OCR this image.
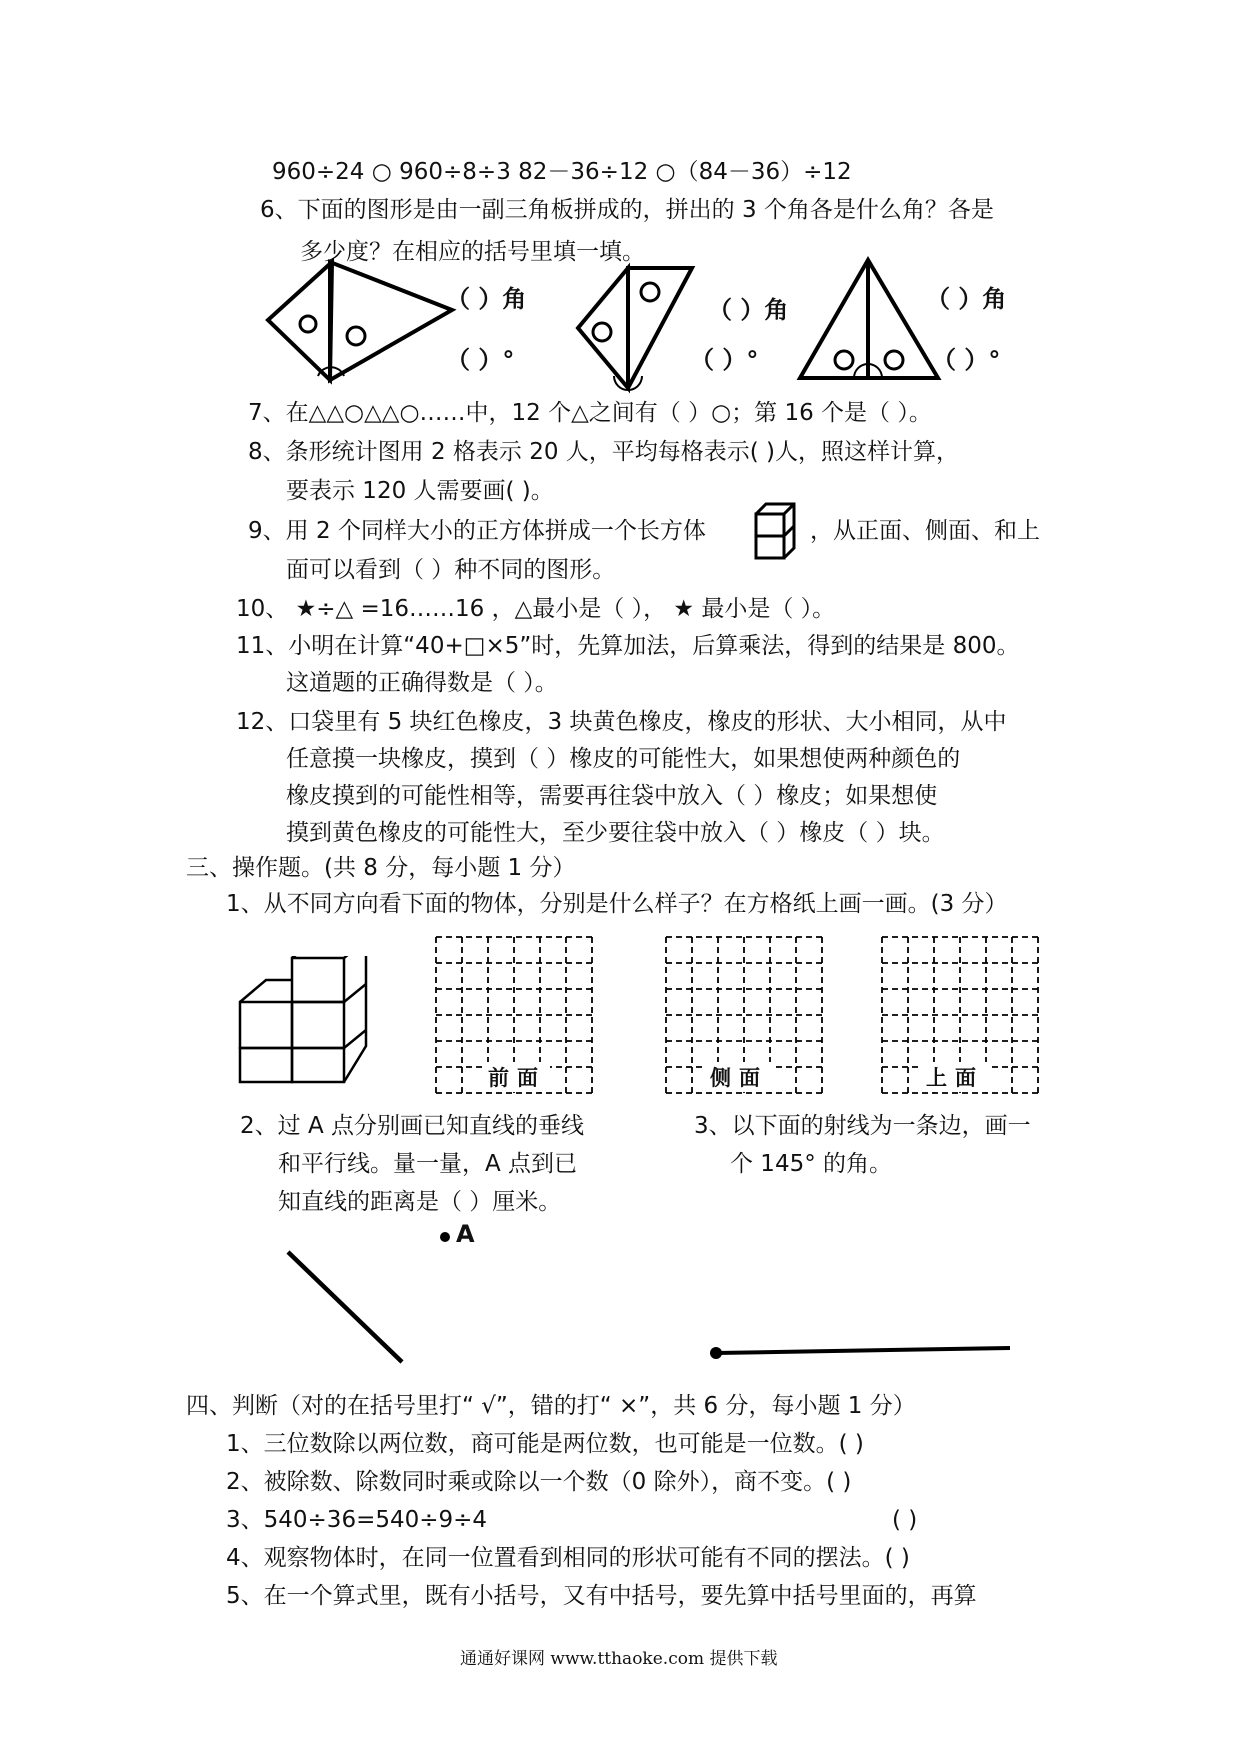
960÷24 ○ 960÷8÷3 82－36÷12 ○（84－36）÷12
6、下面的图形是由一副三角板拼成的，拼出的 3 个角各是什么角？各是
多少度？在相应的括号里填一填。
（ ）角
（ ）°
（ ）角
（ ）°
（ ）角
（ ）°
7、在△△○△△○……中，12 个△之间有（ ）○；第 16 个是（ ）。
8、条形统计图用 2 格表示 20 人，平均每格表示( )人，照这样计算，
要表示 120 人需要画( )。
9、用 2 个同样大小的正方体拼成一个长方体	，从正面、侧面、和上
面可以看到（ ）种不同的图形。
10、 ★÷△ =16……16 ，△最小是（ ）， ★ 最小是（ ）。
11、小明在计算“40+□×5”时，先算加法，后算乘法，得到的结果是 800。
这道题的正确得数是（ ）。
12、口袋里有 5 块红色橡皮，3 块黄色橡皮，橡皮的形状、大小相同，从中
任意摸一块橡皮，摸到（ ）橡皮的可能性大，如果想使两种颜色的
橡皮摸到的可能性相等，需要再往袋中放入（ ）橡皮；如果想使
摸到黄色橡皮的可能性大，至少要往袋中放入（ ）橡皮（ ）块。
三、操作题。(共 8 分，每小题 1 分）
1、从不同方向看下面的物体，分别是什么样子？在方格纸上画一画。(3 分）
前面	侧面	上面
2、过 A 点分别画已知直线的垂线
和平行线。量一量，A 点到已
知直线的距离是（ ）厘米。
3、以下面的射线为一条边，画一
个 145° 的角。
A
四、判断（对的在括号里打“ √”，错的打“ ×”，共 6 分，每小题 1 分）
1、三位数除以两位数，商可能是两位数，也可能是一位数。( )
2、被除数、除数同时乘或除以一个数（0 除外），商不变。( )
3、540÷36=540÷9÷4	( )
4、观察物体时，在同一位置看到相同的形状可能有不同的摆法。( )
5、在一个算式里，既有小括号，又有中括号，要先算中括号里面的，再算
通通好课网 www.tthaoke.com 提供下载
